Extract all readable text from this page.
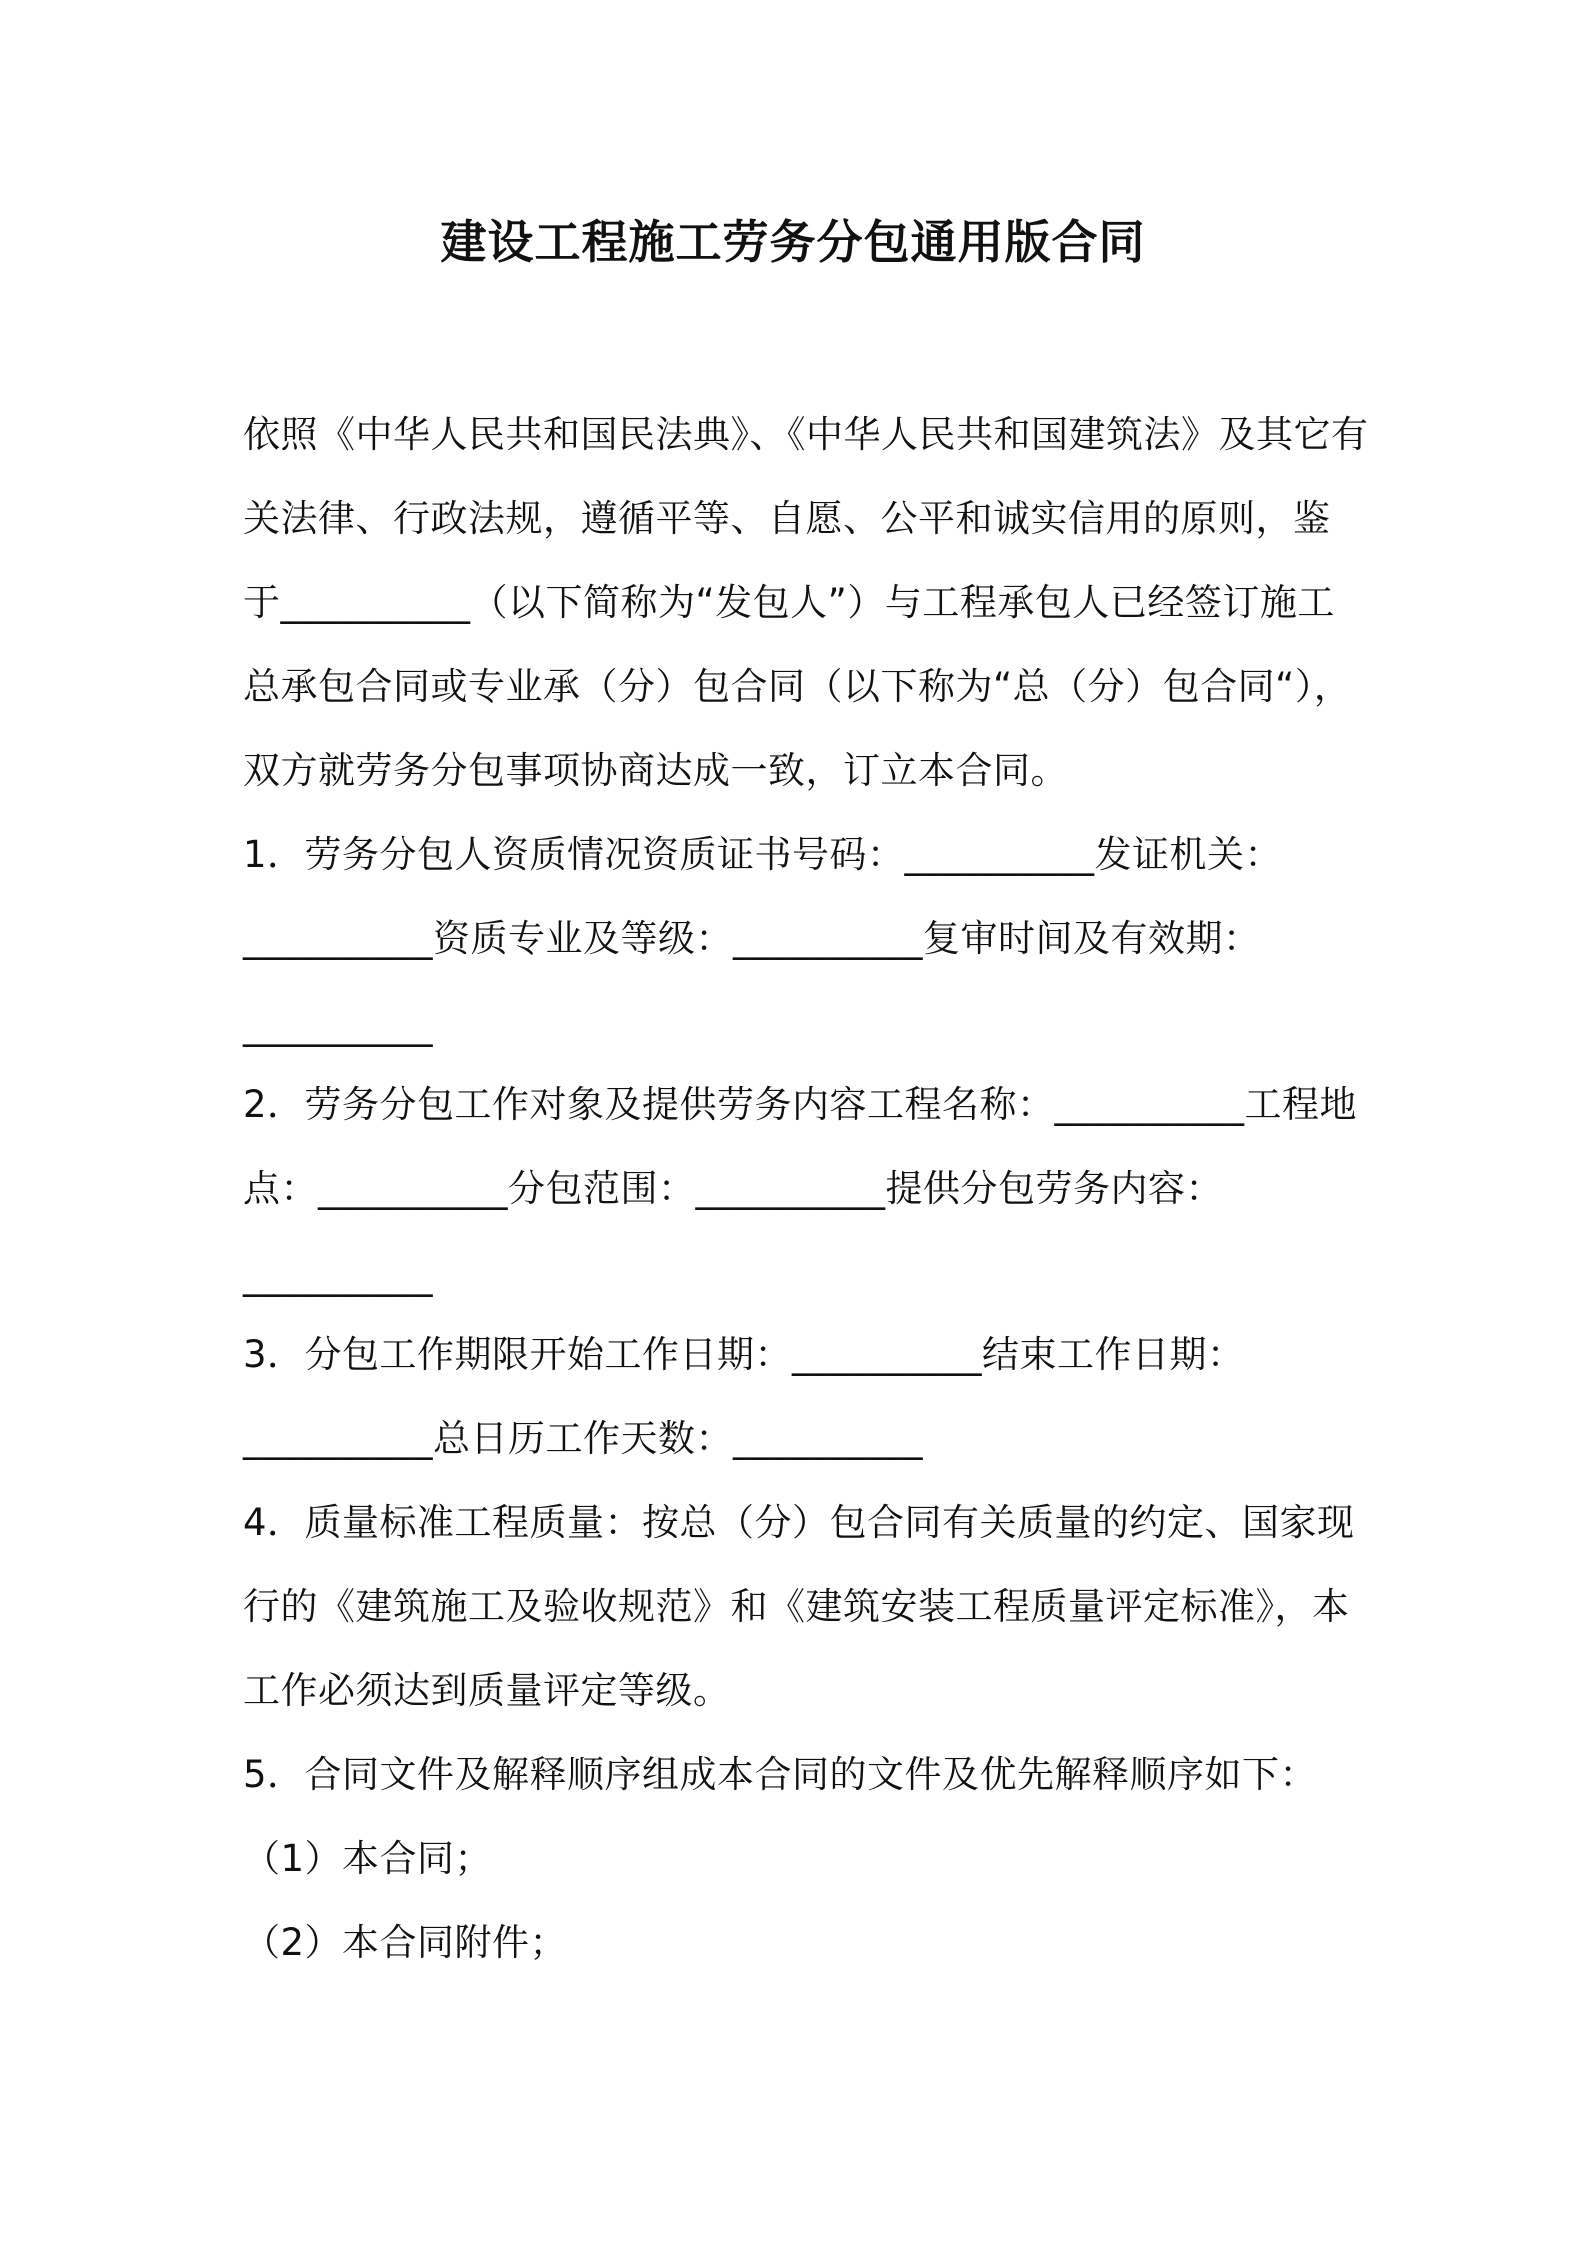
建设工程施工劳务分包通用版合同
依照《中华人民共和国民法典》、《中华人民共和国建筑法》及其它有
关法律、行政法规，遵循平等、自愿、公平和诚实信用的原则，鉴
于__________（以下简称为“发包人”）与工程承包人已经签订施工
总承包合同或专业承（分）包合同（以下称为“总（分）包合同“），
双方就劳务分包事项协商达成一致，订立本合同。
1．劳务分包人资质情况资质证书号码：__________发证机关：
__________资质专业及等级：__________复审时间及有效期：
__________
2．劳务分包工作对象及提供劳务内容工程名称：__________工程地
点：__________分包范围：__________提供分包劳务内容：
__________
3．分包工作期限开始工作日期：__________结束工作日期：
__________总日历工作天数：__________
4．质量标准工程质量：按总（分）包合同有关质量的约定、国家现
行的《建筑施工及验收规范》和《建筑安装工程质量评定标准》，本
工作必须达到质量评定等级。
5．合同文件及解释顺序组成本合同的文件及优先解释顺序如下：
（1）本合同；
（2）本合同附件；
